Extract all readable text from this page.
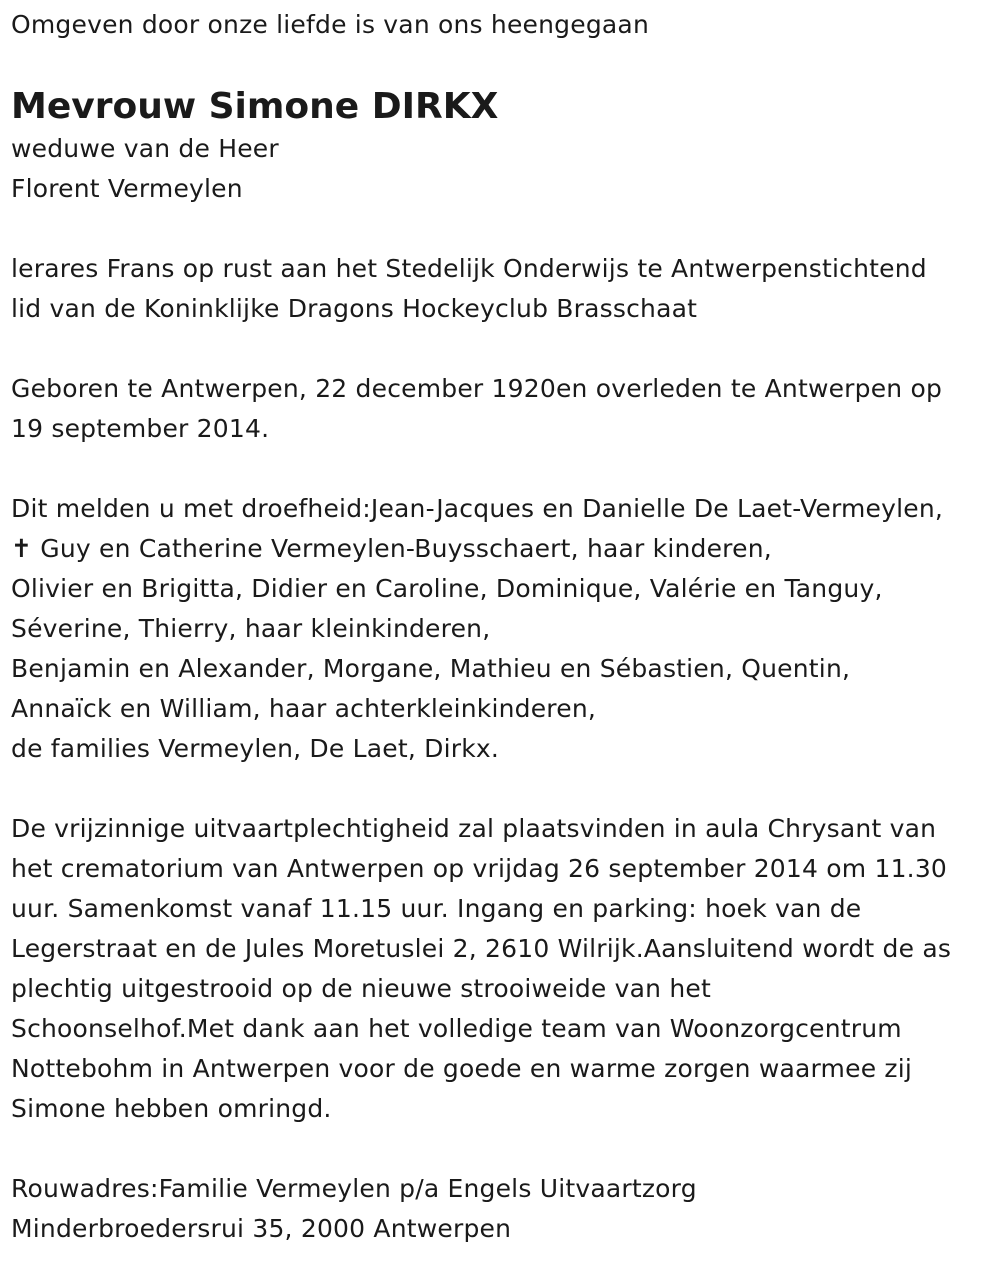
Omgeven door onze liefde is van ons heengegaan
Mevrouw Simone DIRKX
weduwe van de Heer
Florent Vermeylen
lerares Frans op rust aan het Stedelijk Onderwijs te Antwerpenstichtend
lid van de Koninklijke Dragons Hockeyclub Brasschaat
Geboren te Antwerpen, 22 december 1920en overleden te Antwerpen op
19 september 2014.
Dit melden u met droefheid:Jean-Jacques en Danielle De Laet-Vermeylen,
✝ Guy en Catherine Vermeylen-Buysschaert, haar kinderen,
Olivier en Brigitta, Didier en Caroline, Dominique, Valérie en Tanguy,
Séverine, Thierry, haar kleinkinderen,
Benjamin en Alexander, Morgane, Mathieu en Sébastien, Quentin,
Annaïck en William, haar achterkleinkinderen,
de families Vermeylen, De Laet, Dirkx.
De vrijzinnige uitvaartplechtigheid zal plaatsvinden in aula Chrysant van
het crematorium van Antwerpen op vrijdag 26 september 2014 om 11.30
uur. Samenkomst vanaf 11.15 uur. Ingang en parking: hoek van de
Legerstraat en de Jules Moretuslei 2, 2610 Wilrijk.Aansluitend wordt de as
plechtig uitgestrooid op de nieuwe strooiweide van het
Schoonselhof.Met dank aan het volledige team van Woonzorgcentrum
Nottebohm in Antwerpen voor de goede en warme zorgen waarmee zij
Simone hebben omringd.
Rouwadres:Familie Vermeylen p/a Engels Uitvaartzorg
Minderbroedersrui 35, 2000 Antwerpen
